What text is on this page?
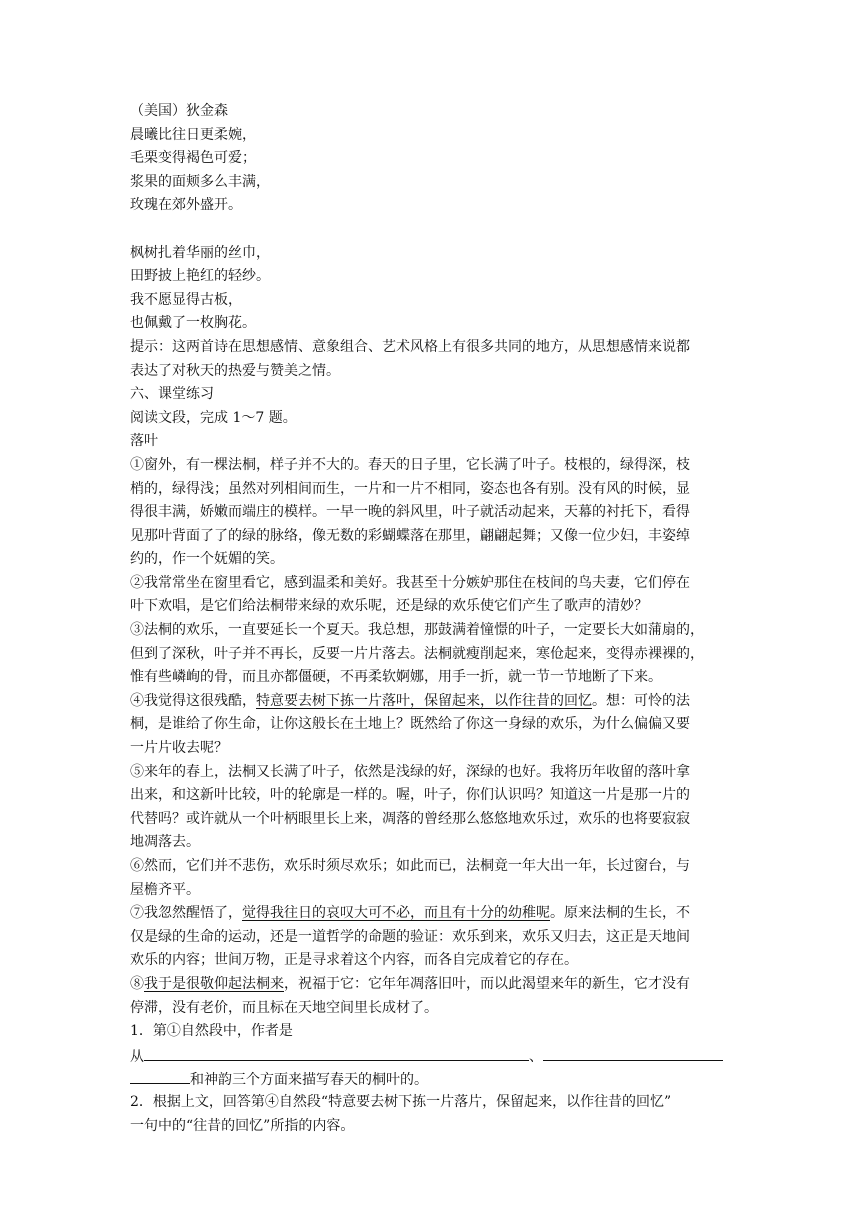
（美国）狄金森
晨曦比往日更柔婉，
毛栗变得褐色可爱；
浆果的面颊多么丰满，
玫瑰在郊外盛开。
枫树扎着华丽的丝巾，
田野披上艳红的轻纱。
我不愿显得古板，
也佩戴了一枚胸花。
提示：这两首诗在思想感情、意象组合、艺术风格上有很多共同的地方，从思想感情来说都
表达了对秋天的热爱与赞美之情。
六、课堂练习
阅读文段，完成 1～7 题。
落叶
①窗外，有一棵法桐，样子并不大的。春天的日子里，它长满了叶子。枝根的，绿得深，枝
梢的，绿得浅；虽然对列相间而生，一片和一片不相同，姿态也各有别。没有风的时候，显
得很丰满，娇嫩而端庄的模样。一早一晚的斜风里，叶子就活动起来，天幕的衬托下，看得
见那叶背面了了的绿的脉络，像无数的彩蝴蝶落在那里，翩翩起舞；又像一位少妇，丰姿绰
约的，作一个妩媚的笑。
②我常常坐在窗里看它，感到温柔和美好。我甚至十分嫉妒那住在枝间的鸟夫妻，它们停在
叶下欢唱，是它们给法桐带来绿的欢乐呢，还是绿的欢乐使它们产生了歌声的清妙？
③法桐的欢乐，一直要延长一个夏天。我总想，那鼓满着憧憬的叶子，一定要长大如蒲扇的，
但到了深秋，叶子并不再长，反要一片片落去。法桐就瘦削起来，寒伧起来，变得赤裸裸的，
惟有些嶙峋的骨，而且亦都僵硬，不再柔软婀娜，用手一折，就一节一节地断了下来。
④我觉得这很残酷，特意要去树下拣一片落叶，保留起来，以作往昔的回忆。想：可怜的法
桐，是谁给了你生命，让你这般长在土地上？既然给了你这一身绿的欢乐，为什么偏偏又要
一片片收去呢？
⑤来年的春上，法桐又长满了叶子，依然是浅绿的好，深绿的也好。我将历年收留的落叶拿
出来，和这新叶比较，叶的轮廓是一样的。喔，叶子，你们认识吗？知道这一片是那一片的
代替吗？或许就从一个叶柄眼里长上来，凋落的曾经那么悠悠地欢乐过，欢乐的也将要寂寂
地凋落去。
⑥然而，它们并不悲伤，欢乐时须尽欢乐；如此而已，法桐竟一年大出一年，长过窗台，与
屋檐齐平。
⑦我忽然醒悟了，觉得我往日的哀叹大可不必，而且有十分的幼稚呢。原来法桐的生长，不
仅是绿的生命的运动，还是一道哲学的命题的验证：欢乐到来，欢乐又归去，这正是天地间
欢乐的内容；世间万物，正是寻求着这个内容，而各自完成着它的存在。
⑧我于是很敬仰起法桐来，祝福于它：它年年凋落旧叶，而以此渴望来年的新生，它才没有
停滞，没有老价，而且标在天地空间里长成材了。
1．第①自然段中，作者是
从	、
和神韵三个方面来描写春天的桐叶的。
2．根据上文，回答第④自然段“特意要去树下拣一片落片，保留起来，以作往昔的回忆”
一句中的“往昔的回忆”所指的内容。
